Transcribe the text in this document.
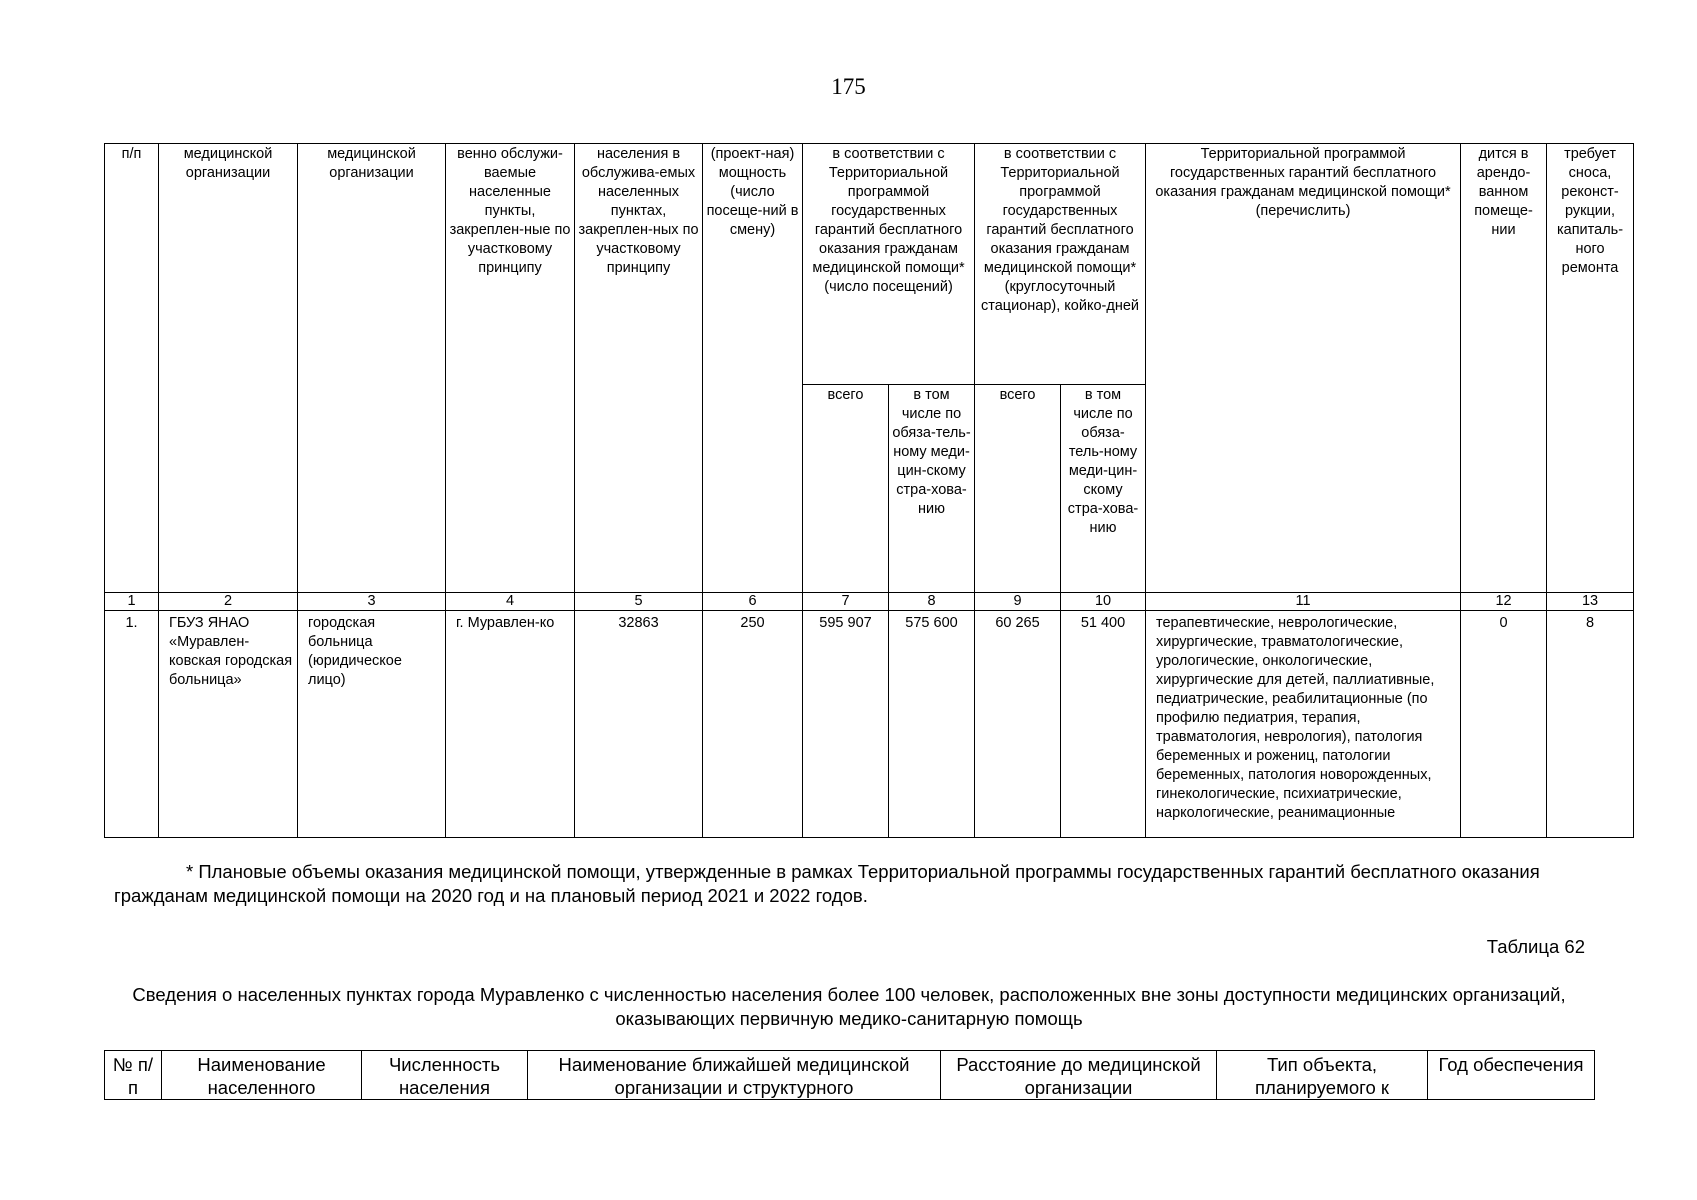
175
п/п	медицинской организации	медицинской организации	венно обслужи-ваемые населенные пункты, закреплен-ные по участковому принципу	населения в обслужива-емых населенных пунктах, закреплен-ных по участковому принципу	(проект-ная) мощность (число посеще-ний в смену)	в соответствии с Территориальной программой государственных гарантий бесплатного оказания гражданам медицинской помощи* (число посещений)		в соответствии с Территориальной программой государственных гарантий бесплатного оказания гражданам медицинской помощи* (круглосуточный стационар), койко-дней		Территориальной программой государственных гарантий бесплатного оказания гражданам медицинской помощи* (перечислить)	дится в арендо-ванном помеще-нии	требует сноса, реконст-рукции, капиталь-ного ремонта
						всего	в том числе по обяза-тель-ному меди-цин-скому стра-хова-нию	всего	в том числе по обяза-тель-ному меди-цин-скому стра-хова-нию			
1	2	3	4	5	6	7	8	9	10	11	12	13
1.	ГБУЗ ЯНАО «Муравлен-ковская городская больница»	городская больница (юридическое лицо)	г. Муравлен-ко	32863	250	595 907	575 600	60 265	51 400	терапевтические, неврологические, хирургические, травматологические, урологические, онкологические, хирургические для детей, паллиативные, педиатрические, реабилитационные (по профилю педиатрия, терапия, травматология, неврология), патология беременных и рожениц, патологии беременных, патология новорожденных, гинекологические, психиатрические, наркологические, реанимационные	0	8
* Плановые объемы оказания медицинской помощи, утвержденные в рамках Территориальной программы государственных гарантий бесплатного оказания гражданам медицинской помощи на 2020 год и на плановый период 2021 и 2022 годов.
Таблица 62
Сведения о населенных пунктах города Муравленко с численностью населения более 100 человек, расположенных вне зоны доступности медицинских организаций, оказывающих первичную медико-санитарную помощь
№ п/п	Наименование населенного	Численность населения	Наименование ближайшей медицинской организации и структурного	Расстояние до медицинской организации	Тип объекта, планируемого к	Год обеспечения
